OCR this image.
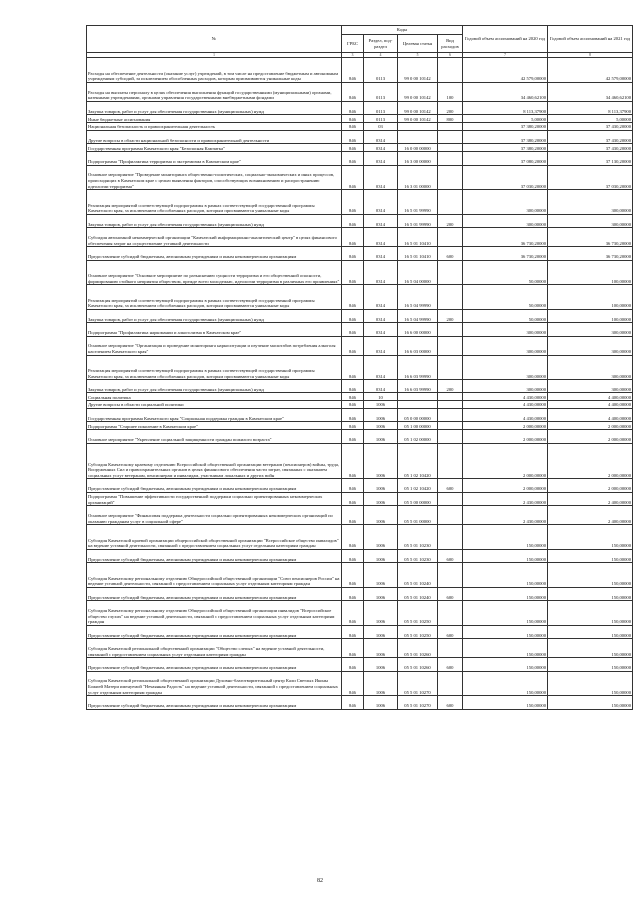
№	Коды				Годовой объем ассигнований на 2020 год	Годовой объем ассигнований на 2021 год
	ГРБС	Раздел, под-раздел	Целевая статья	Вид расходов		
1	3	4	5	6	7	8
Расходы на обеспечение деятельности (оказание услуг) учреждений, в том числе на предоставление бюджетным и автономным учреждениям субсидий, за исключением обособленных расходов, которым присваиваются уникальные коды	846	0113	99 0 00 10142		42 579,00000	42 579,00000
Расходы на выплаты персоналу в целях обеспечения выполнения функций государственными (муниципальными) органами, казенными учреждениями, органами управления государственными внебюджетными фондами	846	0113	99 0 00 10142	100	34 460,62100	34 460,62100
Закупка товаров, работ и услуг для обеспечения государственных (муниципальных) нужд	846	0113	99 0 00 10142	200	8 113,37900	8 113,37900
Иные бюджетные ассигнования	846	0113	99 0 00 10142	800	5,00000	5,00000
Национальная безопасность и правоохранительная деятельность	846	03			37 380,20000	37 430,20000
Другие вопросы в области национальной безопасности и правоохранительной деятельности	846	0314			37 380,20000	37 430,20000
Государственная программа Камчатского края "Безопасная Камчатка"	846	0314	16 0 00 00000		37 380,20000	37 430,20000
Подпрограмма "Профилактика терроризма и экстремизма в Камчатском крае"	846	0314	16 3 00 00000		37 080,20000	37 130,20000
Основное мероприятие "Проведение мониторинга общественно-политических, социально-экономических и иных процессов, происходящих в Камчатском крае с целью выявления факторов, способствующих возникновению и распространению идеологии терроризма"	846	0314	16 3 01 00000		37 030,20000	37 030,20000
Реализация мероприятий соответствующей подпрограммы в рамках соответствующей государственной программы Камчатского края, за исключением обособленных расходов, которым присваиваются уникальные коды	846	0314	16 5 01 99990		300,00000	300,00000
Закупка товаров, работ и услуг для обеспечения государственных (муниципальных) нужд	846	0314	16 5 01 99990	200	300,00000	300,00000
Субсидия автономной некоммерческой организации "Камчатский информационно-аналитический центр" в целях финансового обеспечения затрат на осуществление уставной деятельности	846	0314	16 5 01 10410		36 730,20000	36 730,20000
Предоставление субсидий бюджетным, автономным учреждениям и иным некоммерческим организациям	846	0314	16 5 01 10410	600	36 730,20000	36 730,20000
Основное мероприятие "Основное мероприятие по разъяснению сущности терроризма и его общественной опасности, формированию стойкого неприятия обществом, прежде всего молодежью, идеологии терроризма в различных его проявлениях"	846	0314	16 5 04 00000		50,00000	100,00000
Реализация мероприятий соответствующей подпрограммы в рамках соответствующей государственной программы Камчатского края, за исключением обособленных расходов, которым присваиваются уникальные коды	846	0314	16 5 04 99990		50,00000	100,00000
Закупка товаров, работ и услуг для обеспечения государственных (муниципальных) нужд	846	0314	16 5 04 99990	200	50,00000	100,00000
Подпрограмма "Профилактика наркомании и алкоголизма в Камчатском крае"	846	0314	16 6 00 00000		300,00000	300,00000
Основное мероприятие "Организация и проведение мониторинга наркоситуации и изучение масштабов потребления алкоголя населением Камчатского края"	846	0314	16 6 03 00000		300,00000	300,00000
Реализация мероприятий соответствующей подпрограммы в рамках соответствующей государственной программы Камчатского края, за исключением обособленных расходов, которым присваиваются уникальные коды	846	0314	16 6 03 99990		300,00000	300,00000
Закупка товаров, работ и услуг для обеспечения государственных (муниципальных) нужд	846	0314	16 6 03 99990	200	300,00000	300,00000
Социальная политика	846	10			4 430,00000	4 400,00000
Другие вопросы в области социальной политики	846	1006			4 430,00000	4 400,00000
Государственная программа Камчатского края "Социальная поддержка граждан в Камчатском крае"	846	1006	05 0 00 00000		4 430,00000	4 400,00000
Подпрограмма "Старшее поколение в Камчатском крае"	846	1006	05 1 00 00000		2 000,00000	2 000,00000
Основное мероприятие "Укрепление социальной защищенности граждан пожилого возраста"	846	1006	05 1 02 00000		2 000,00000	2 000,00000
Субсидия Камчатскому краевому отделению Всероссийской общественной организации ветеранов (пенсионеров) войны, труда, Вооруженных Сил и правоохранительных органов в целях финансового обеспечения части затрат, связанных с оказанием социальных услуг ветеранам, пенсионерам и инвалидам, участникам локальных и других войн	846	1006	05 1 02 10420		2 000,00000	2 000,00000
Предоставление субсидий бюджетным, автономным учреждениям и иным некоммерческим организациям	846	1006	05 1 02 10420	600	2 000,00000	2 000,00000
Подпрограмма "Повышение эффективности государственной поддержки социально ориентированных некоммерческих организаций"	846	1006	05 5 00 00000		2 430,00000	2 400,00000
Основное мероприятие "Финансовая поддержка деятельности социально ориентированных некоммерческих организаций по оказанию гражданам услуг в социальной сфере"	846	1006	05 5 01 00000		2 430,00000	2 400,00000
Субсидия Камчатской краевой организации общероссийской общественной организации "Всероссийское общество инвалидов" на ведение уставной деятельности, связанной с предоставлением социальных услуг отдельным категориям граждан	846	1006	05 5 01 10230		150,00000	150,00000
Предоставление субсидий бюджетным, автономным учреждениям и иным некоммерческим организациям	846	1006	05 5 01 10230	600	150,00000	150,00000
Субсидия Камчатскому региональному отделению Общероссийской общественной организации "Союз пенсионеров России" на ведение уставной деятельности, связанной с предоставлением социальных услуг отдельным категориям граждан	846	1006	05 5 01 10240		150,00000	150,00000
Предоставление субсидий бюджетным, автономным учреждениям и иным некоммерческим организациям	846	1006	05 5 01 10240	600	150,00000	150,00000
Субсидия Камчатскому региональному отделению Общероссийской общественной организации инвалидов "Всероссийское общество глухих" на ведение уставной деятельности, связанной с предоставлением социальных услуг отдельным категориям граждан	846	1006	05 5 01 10250		150,00000	150,00000
Предоставление субсидий бюджетным, автономным учреждениям и иным некоммерческим организациям	846	1006	05 5 01 10250	600	150,00000	150,00000
Субсидия Камчатской региональной общественной организации "Общество слепых" на ведение уставной деятельности, связанной с предоставлением социальных услуг отдельным категориям граждан	846	1006	05 5 01 10260		150,00000	150,00000
Предоставление субсидий бюджетным, автономным учреждениям и иным некоммерческим организациям	846	1006	05 5 01 10260	600	150,00000	150,00000
Субсидия Камчатской региональной общественной организации Духовно-благотворительный центр Кали Светлых Иконы Божией Матери именуемой "Нечаянная Радость" на ведение уставной деятельности, связанной с предоставлением социальных услуг отдельным категориям граждан	846	1006	05 5 01 10270		150,00000	150,00000
Предоставление субсидий бюджетным, автономным учреждениям и иным некоммерческим организациям	846	1006	05 5 01 10270	600	150,00000	150,00000
82
